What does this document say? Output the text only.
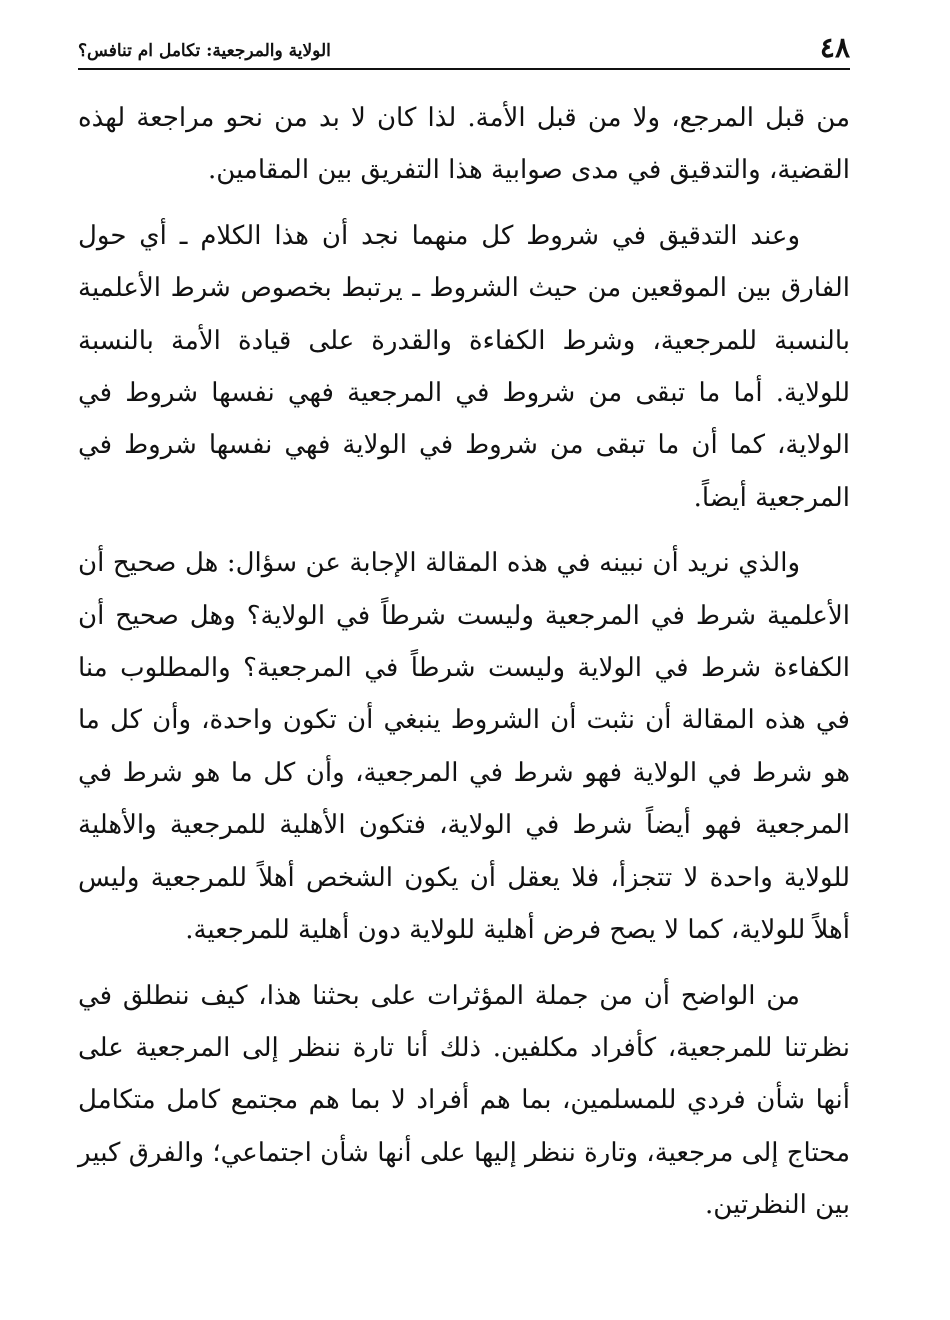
٤٨
الولاية والمرجعية: تكامل ام تنافس؟

من قبل المرجع، ولا من قبل الأمة. لذا كان لا بد من نحو مراجعة لهذه القضية، والتدقيق في مدى صوابية هذا التفريق بين المقامين.

وعند التدقيق في شروط كل منهما نجد أن هذا الكلام ـ أي حول الفارق بين الموقعين من حيث الشروط ـ يرتبط بخصوص شرط الأعلمية بالنسبة للمرجعية، وشرط الكفاءة والقدرة على قيادة الأمة بالنسبة للولاية. أما ما تبقى من شروط في المرجعية فهي نفسها شروط في الولاية، كما أن ما تبقى من شروط في الولاية فهي نفسها شروط في المرجعية أيضاً.

والذي نريد أن نبينه في هذه المقالة الإجابة عن سؤال: هل صحيح أن الأعلمية شرط في المرجعية وليست شرطاً في الولاية؟ وهل صحيح أن الكفاءة شرط في الولاية وليست شرطاً في المرجعية؟ والمطلوب منا في هذه المقالة أن نثبت أن الشروط ينبغي أن تكون واحدة، وأن كل ما هو شرط في الولاية فهو شرط في المرجعية، وأن كل ما هو شرط في المرجعية فهو أيضاً شرط في الولاية، فتكون الأهلية للمرجعية والأهلية للولاية واحدة لا تتجزأ، فلا يعقل أن يكون الشخص أهلاً للمرجعية وليس أهلاً للولاية، كما لا يصح فرض أهلية للولاية دون أهلية للمرجعية.

من الواضح أن من جملة المؤثرات على بحثنا هذا، كيف ننطلق في نظرتنا للمرجعية، كأفراد مكلفين. ذلك أنا تارة ننظر إلى المرجعية على أنها شأن فردي للمسلمين، بما هم أفراد لا بما هم مجتمع كامل متكامل محتاج إلى مرجعية، وتارة ننظر إليها على أنها شأن اجتماعي؛ والفرق كبير بين النظرتين.
